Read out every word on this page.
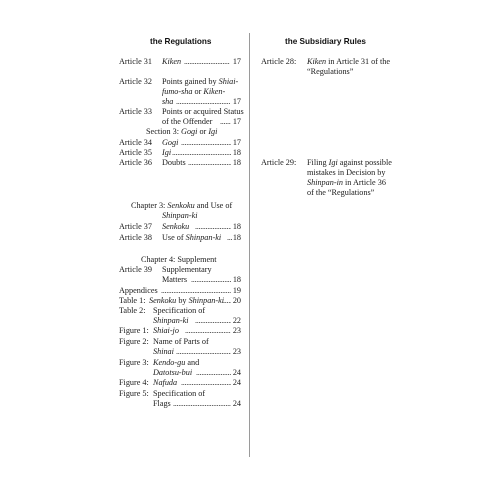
the Regulations	the Subsidiary Rules
Article 31 Kiken .....	17
Article 32 Points gained by Shiai-
fumo-sha or Kiken-
sha .....	17
Article 33 Points or acquired Status
of the Offender ..... 17
Section 3: Gogi or Igi
Article 34 Gogi .....	17
Article 35 Igi .....	18
Article 36 Doubts .....	18
Chapter 3: Senkoku and Use of
Shinpan-ki
Article 37 Senkoku .....	18
Article 38 Use of Shinpan-ki ..... 18
Chapter 4: Supplement
Article 39 Supplementary
Matters .....	18
Appendices .....	19
Table 1: Senkoku by Shinpan-ki ..... 20
Table 2: Specification of
Shinpan-ki .....	22
Figure 1: Shiai-jo .....	23
Figure 2: Name of Parts of
Shinai .....	23
Figure 3: Kendo-gu and
Datotsu-bui .....	24
Figure 4: Nafuda .....	24
Figure 5: Specification of
Flags .....	24
Article 28: Kiken in Article 31 of the
“Regulations”
Article 29: Filing Igi against possible
mistakes in Decision by
Shinpan-in in Article 36
of the “Regulations”
